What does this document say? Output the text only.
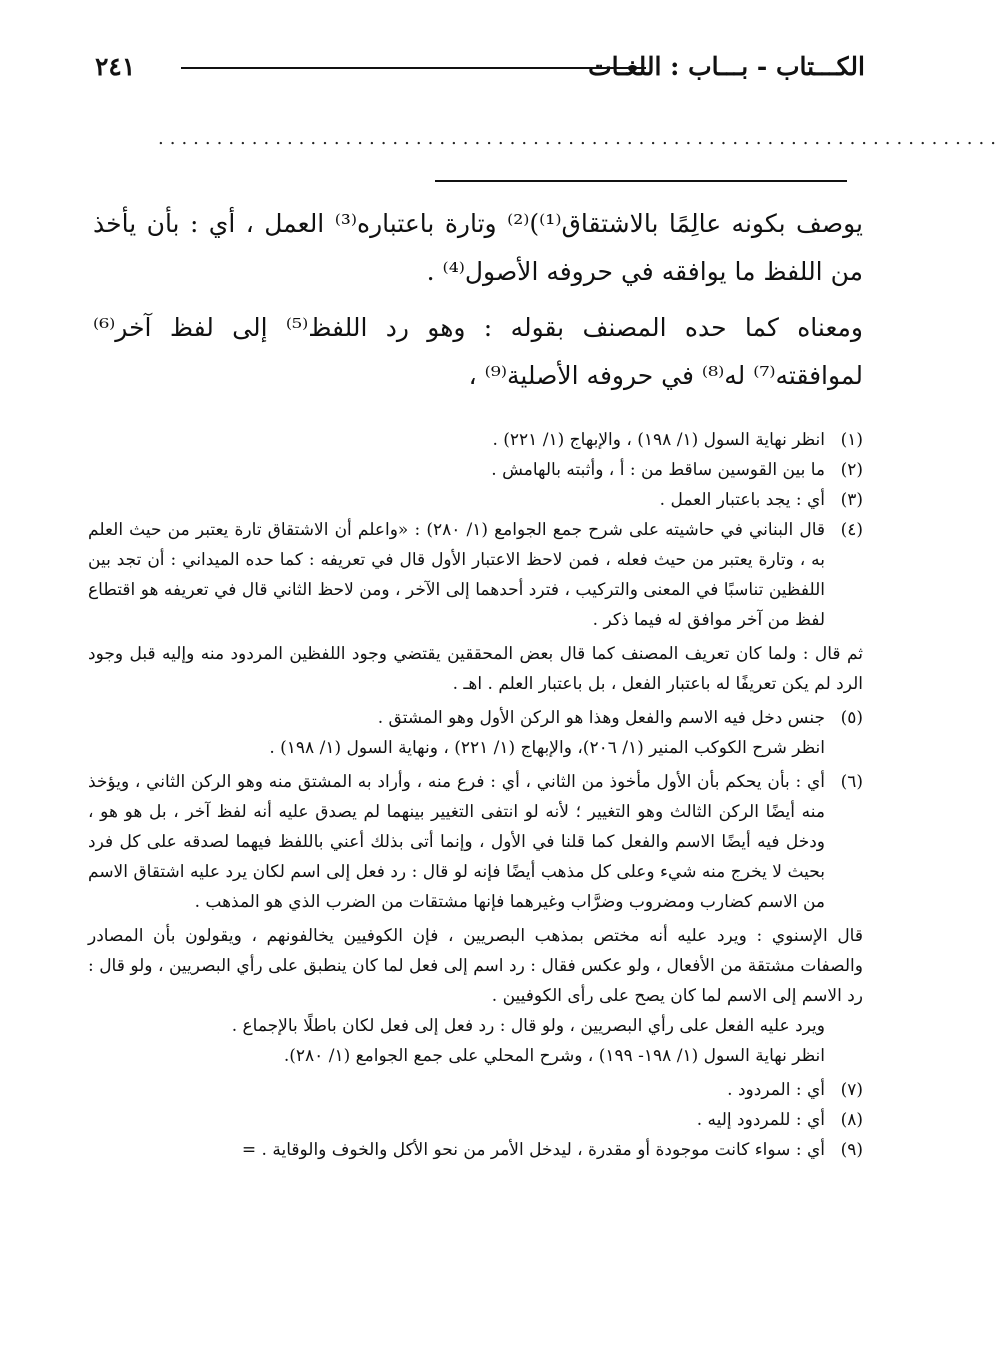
الكـــتاب - بـــاب : اللغـات
٢٤١
........................................................................
يوصف بكونه عالِمًا بالاشتقاق⁽¹⁾)⁽²⁾ وتارة باعتباره⁽³⁾ العمل ، أي : بأن يأخذ من اللفظ ما يوافقه في حروفه الأصول⁽⁴⁾ .
ومعناه كما حده المصنف بقوله : وهو رد اللفظ⁽⁵⁾ إلى لفظ آخر⁽⁶⁾ لموافقته⁽⁷⁾ له⁽⁸⁾ في حروفه الأصلية⁽⁹⁾ ،
(١)
انظر نهاية السول (١/ ١٩٨) ، والإبهاج (١/ ٢٢١) .
(٢)
ما بين القوسين ساقط من : أ ، وأثبته بالهامش .
(٣)
أي : يجد باعتبار العمل .
(٤)
قال البناني في حاشيته على شرح جمع الجوامع (١/ ٢٨٠) : «واعلم أن الاشتقاق تارة يعتبر من حيث العلم به ، وتارة يعتبر من حيث فعله ، فمن لاحظ الاعتبار الأول قال في تعريفه : كما حده الميداني : أن تجد بين اللفظين تناسبًا في المعنى والتركيب ، فترد أحدهما إلى الآخر ، ومن لاحظ الثاني قال في تعريفه هو اقتطاع لفظ من آخر موافق له فيما ذكر .
ثم قال : ولما كان تعريف المصنف كما قال بعض المحققين يقتضي وجود اللفظين المردود منه وإليه قبل وجود الرد لم يكن تعريفًا له باعتبار الفعل ، بل باعتبار العلم . اهـ .
(٥)
جنس دخل فيه الاسم والفعل وهذا هو الركن الأول وهو المشتق .
انظر شرح الكوكب المنير (١/ ٢٠٦)، والإبهاج (١/ ٢٢١) ، ونهاية السول (١/ ١٩٨) .
(٦)
أي : بأن يحكم بأن الأول مأخوذ من الثاني ، أي : فرع منه ، وأراد به المشتق منه وهو الركن الثاني ، ويؤخذ منه أيضًا الركن الثالث وهو التغيير ؛ لأنه لو انتفى التغيير بينهما لم يصدق عليه أنه لفظ آخر ، بل هو هو ، ودخل فيه أيضًا الاسم والفعل كما قلنا في الأول ، وإنما أتى بذلك أعني باللفظ فيهما لصدقه على كل فرد بحيث لا يخرج منه شيء وعلى كل مذهب أيضًا فإنه لو قال : رد فعل إلى اسم لكان يرد عليه اشتقاق الاسم من الاسم كضارب ومضروب وضرَّاب وغيرهما فإنها مشتقات من الضرب الذي هو المذهب .
قال الإسنوي : ويرد عليه أنه مختص بمذهب البصريين ، فإن الكوفيين يخالفونهم ، ويقولون بأن المصادر والصفات مشتقة من الأفعال ، ولو عكس فقال : رد اسم إلى فعل لما كان ينطبق على رأي البصريين ، ولو قال : رد الاسم إلى الاسم لما كان يصح على رأى الكوفيين .
ويرد عليه الفعل على رأي البصريين ، ولو قال : رد فعل إلى فعل لكان باطلًا بالإجماع .
انظر نهاية السول (١/ ١٩٨- ١٩٩) ، وشرح المحلي على جمع الجوامع (١/ ٢٨٠).
(٧)
أي : المردود .
(٨)
أي : للمردود إليه .
(٩)
أي : سواء كانت موجودة أو مقدرة ، ليدخل الأمر من نحو الأكل والخوف والوقاية . =
